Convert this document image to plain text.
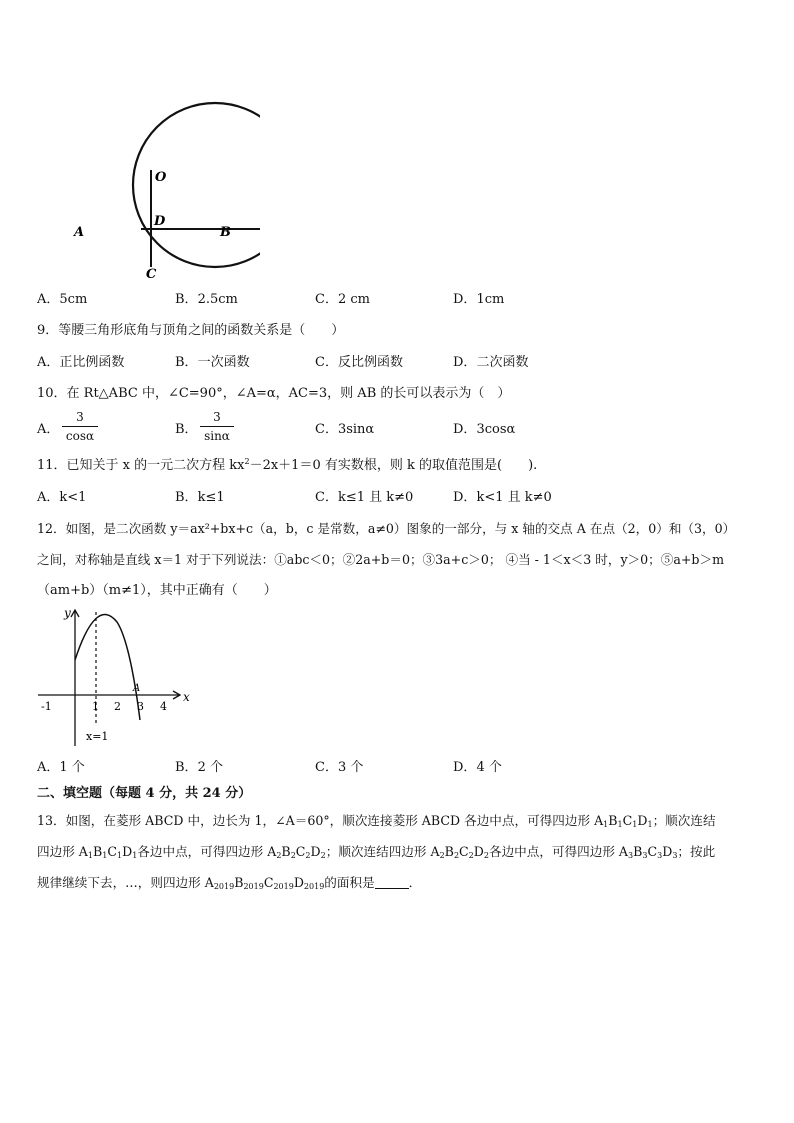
O
D
A	B
C
A．5cm	B．2.5cm	C．2 cm	D．1cm
9．等腰三角形底角与顶角之间的函数关系是（　　）
A．正比例函数	B．一次函数	C．反比例函数	D．二次函数
10．在 Rt△ABC 中，∠C=90°，∠A=α，AC=3，则 AB 的长可以表示为（　）
A．
3
cosα	B．
3
sinα	C．3sinα	D．3cosα
11．已知关于 x 的一元二次方程 $kx^2-2x+1=0$ 有实数根，则 k 的取值范围是(　　).
A．k<1	B．k≤1	C．k≤1 且 k≠0	D．k<1 且 k≠0
12．如图，是二次函数 y＝ax²+bx+c（a，b，c 是常数，a≠0）图象的一部分，与 x 轴的交点 A 在点（2，0）和（3，0）
之间，对称轴是直线 x＝1 对于下列说法：①abc＜0；②2a+b＝0；③3a+c＞0； ④当 - 1＜x＜3 时，y＞0；⑤a+b＞m
（am+b）（m≠1），其中正确有（　　）
y
x
A
-1	1 2 3 4
x=1
A．1 个	B．2 个	C．3 个	D．4 个
二、填空题（每题 4 分，共 24 分）
13．如图，在菱形 ABCD 中，边长为 1，∠A＝60°，顺次连接菱形 ABCD 各边中点，可得四边形 $A_1B_1C_1D_1$；顺次连结
四边形 $A_1B_1C_1D_1$各边中点，可得四边形 $A_2B_2C_2D_2$；顺次连结四边形 $A_2B_2C_2D_2$各边中点，可得四边形 $A_3B_3C_3D_3$；按此
规律继续下去，…，则四边形 $A_{2019}B_{2019}C_{2019}D_{2019}$的面积是	．
